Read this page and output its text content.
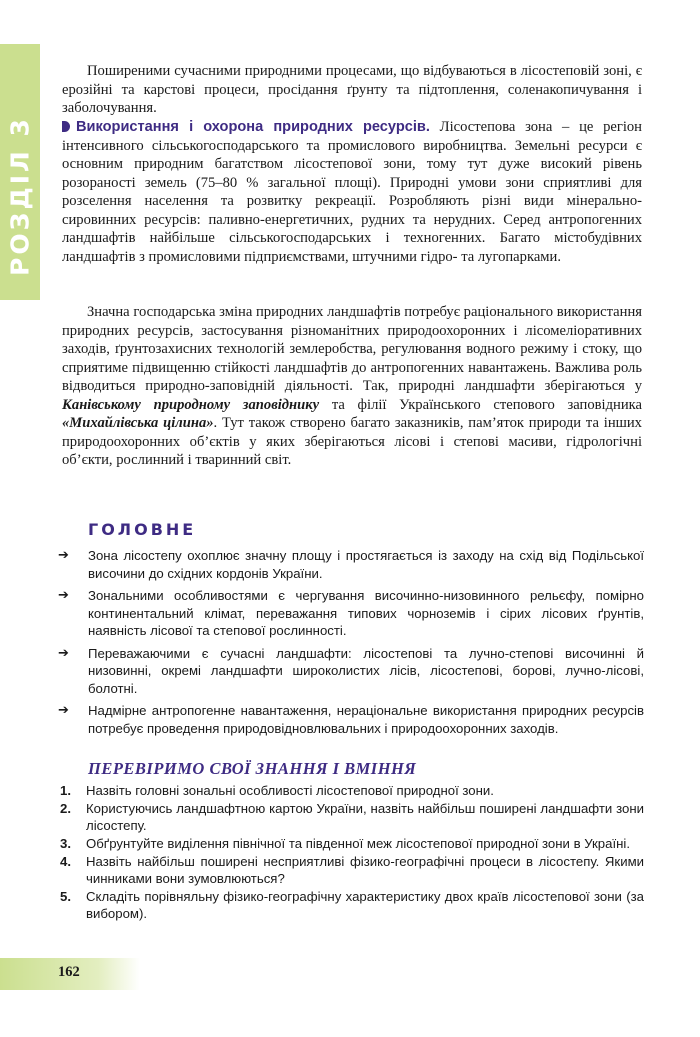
РОЗДІЛ 3

Поширеними сучасними природними процесами, що відбуваються в лісостеповій зоні, є ерозійні та карстові процеси, просідання ґрунту та підтоплення, соленакопичування і заболочування.

Використання і охорона природних ресурсів. Лісостепова зона – це регіон інтенсивного сільськогосподарського та промислового виробництва. Земельні ресурси є основним природним багатством лісостепової зони, тому тут дуже високий рівень розораності земель (75–80 % загальної площі). Природні умови зони сприятливі для розселення населення та розвитку рекреації. Розробляють різні види мінерально-сировинних ресурсів: паливно-енергетичних, рудних та нерудних. Серед антропогенних ландшафтів найбільше сільськогосподарських і техногенних. Багато містобудівних ландшафтів з промисловими підприємствами, штучними гідро- та лугопарками.

Значна господарська зміна природних ландшафтів потребує раціонального використання природних ресурсів, застосування різноманітних природоохоронних і лісомеліоративних заходів, ґрунтозахисних технологій землеробства, регулювання водного режиму і стоку, що сприятиме підвищенню стійкості ландшафтів до антропогенних навантажень. Важлива роль відводиться природно-заповідній діяльності. Так, природні ландшафти зберігаються у Канівському природному заповіднику та філії Українського степового заповідника «Михайлівська цілина». Тут також створено багато заказників, пам’яток природи та інших природоохоронних об’єктів у яких зберігаються лісові і степові масиви, гідрологічні об’єкти, рослинний і тваринний світ.

ГОЛОВНЕ
➔ Зона лісостепу охоплює значну площу і простягається із заходу на схід від Подільської височини до східних кордонів України.
➔ Зональними особливостями є чергування височинно-низовинного рельєфу, помірно континентальний клімат, переважання типових чорноземів і сірих лісових ґрунтів, наявність лісової та степової рослинності.
➔ Переважаючими є сучасні ландшафти: лісостепові та лучно-степові височинні й низовинні, окремі ландшафти широколистих лісів, лісостепові, борові, лучно-лісові, болотні.
➔ Надмірне антропогенне навантаження, нераціональне використання природних ресурсів потребує проведення природовідновлювальних і природоохоронних заходів.
ПЕРЕВІРИМО СВОЇ ЗНАННЯ І ВМІННЯ
1. Назвіть головні зональні особливості лісостепової природної зони.
2. Користуючись ландшафтною картою України, назвіть найбільш поширені ландшафти зони лісостепу.
3. Обґрунтуйте виділення північної та південної меж лісостепової природної зони в Україні.
4. Назвіть найбільш поширені несприятливі фізико-географічні процеси в лісостепу. Якими чинниками вони зумовлюються?
5. Складіть порівняльну фізико-географічну характеристику двох країв лісостепової зони (за вибором).
162
